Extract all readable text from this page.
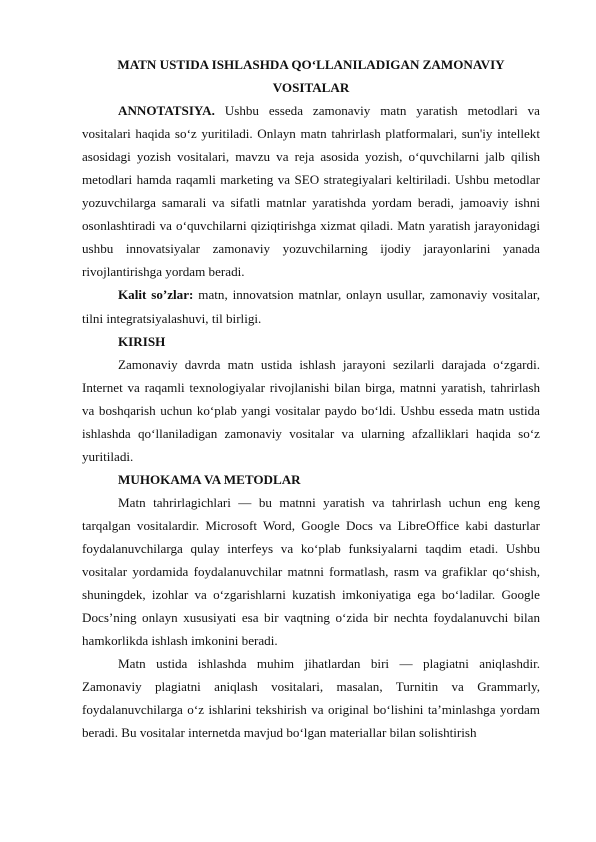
MATN USTIDA ISHLASHDA QO‘LLANILADIGAN ZAMONAVIY
VOSITALAR

ANNOTATSIYA. Ushbu esseda zamonaviy matn yaratish metodlari va vositalari haqida so‘z yuritiladi. Onlayn matn tahrirlash platformalari, sun'iy intellekt asosidagi yozish vositalari, mavzu va reja asosida yozish, o‘quvchilarni jalb qilish metodlari hamda raqamli marketing va SEO strategiyalari keltiriladi. Ushbu metodlar yozuvchilarga samarali va sifatli matnlar yaratishda yordam beradi, jamoaviy ishni osonlashtiradi va o‘quvchilarni qiziqtirishga xizmat qiladi. Matn yaratish jarayonidagi ushbu innovatsiyalar zamonaviy yozuvchilarning ijodiy jarayonlarini yanada rivojlantirishga yordam beradi.

Kalit so’zlar: matn, innovatsion matnlar, onlayn usullar, zamonaviy vositalar, tilni integratsiyalashuvi, til birligi.

KIRISH

Zamonaviy davrda matn ustida ishlash jarayoni sezilarli darajada o‘zgardi. Internet va raqamli texnologiyalar rivojlanishi bilan birga, matnni yaratish, tahrirlash va boshqarish uchun ko‘plab yangi vositalar paydo bo‘ldi. Ushbu esseda matn ustida ishlashda qo‘llaniladigan zamonaviy vositalar va ularning afzalliklari haqida so‘z yuritiladi.

MUHOKAMA VA METODLAR

Matn tahrirlagichlari — bu matnni yaratish va tahrirlash uchun eng keng tarqalgan vositalardir. Microsoft Word, Google Docs va LibreOffice kabi dasturlar foydalanuvchilarga qulay interfeys va ko‘plab funksiyalarni taqdim etadi. Ushbu vositalar yordamida foydalanuvchilar matnni formatlash, rasm va grafiklar qo‘shish, shuningdek, izohlar va o‘zgarishlarni kuzatish imkoniyatiga ega bo‘ladilar. Google Docs’ning onlayn xususiyati esa bir vaqtning o‘zida bir nechta foydalanuvchi bilan hamkorlikda ishlash imkonini beradi.

Matn ustida ishlashda muhim jihatlardan biri — plagiatni aniqlashdir. Zamonaviy plagiatni aniqlash vositalari, masalan, Turnitin va Grammarly, foydalanuvchilarga o‘z ishlarini tekshirish va original bo‘lishini ta’minlashga yordam beradi. Bu vositalar internetda mavjud bo‘lgan materiallar bilan solishtirish
